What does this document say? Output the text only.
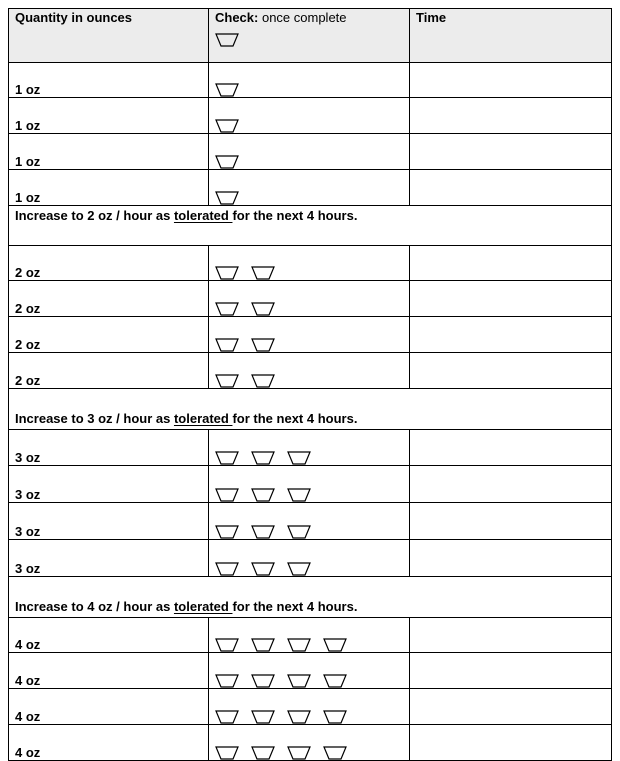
Quantity in ounces	Check: once complete	Time
1 oz	

1 oz	

1 oz	

1 oz	

Increase to 2 oz / hour as tolerated for the next 4 hours.		
2 oz	

2 oz	

2 oz	

2 oz	

Increase to 3 oz / hour as tolerated for the next 4 hours.		
3 oz	

3 oz	

3 oz	

3 oz	

Increase to 4 oz / hour as tolerated for the next 4 hours.		
4 oz	

4 oz	

4 oz	

4 oz	
